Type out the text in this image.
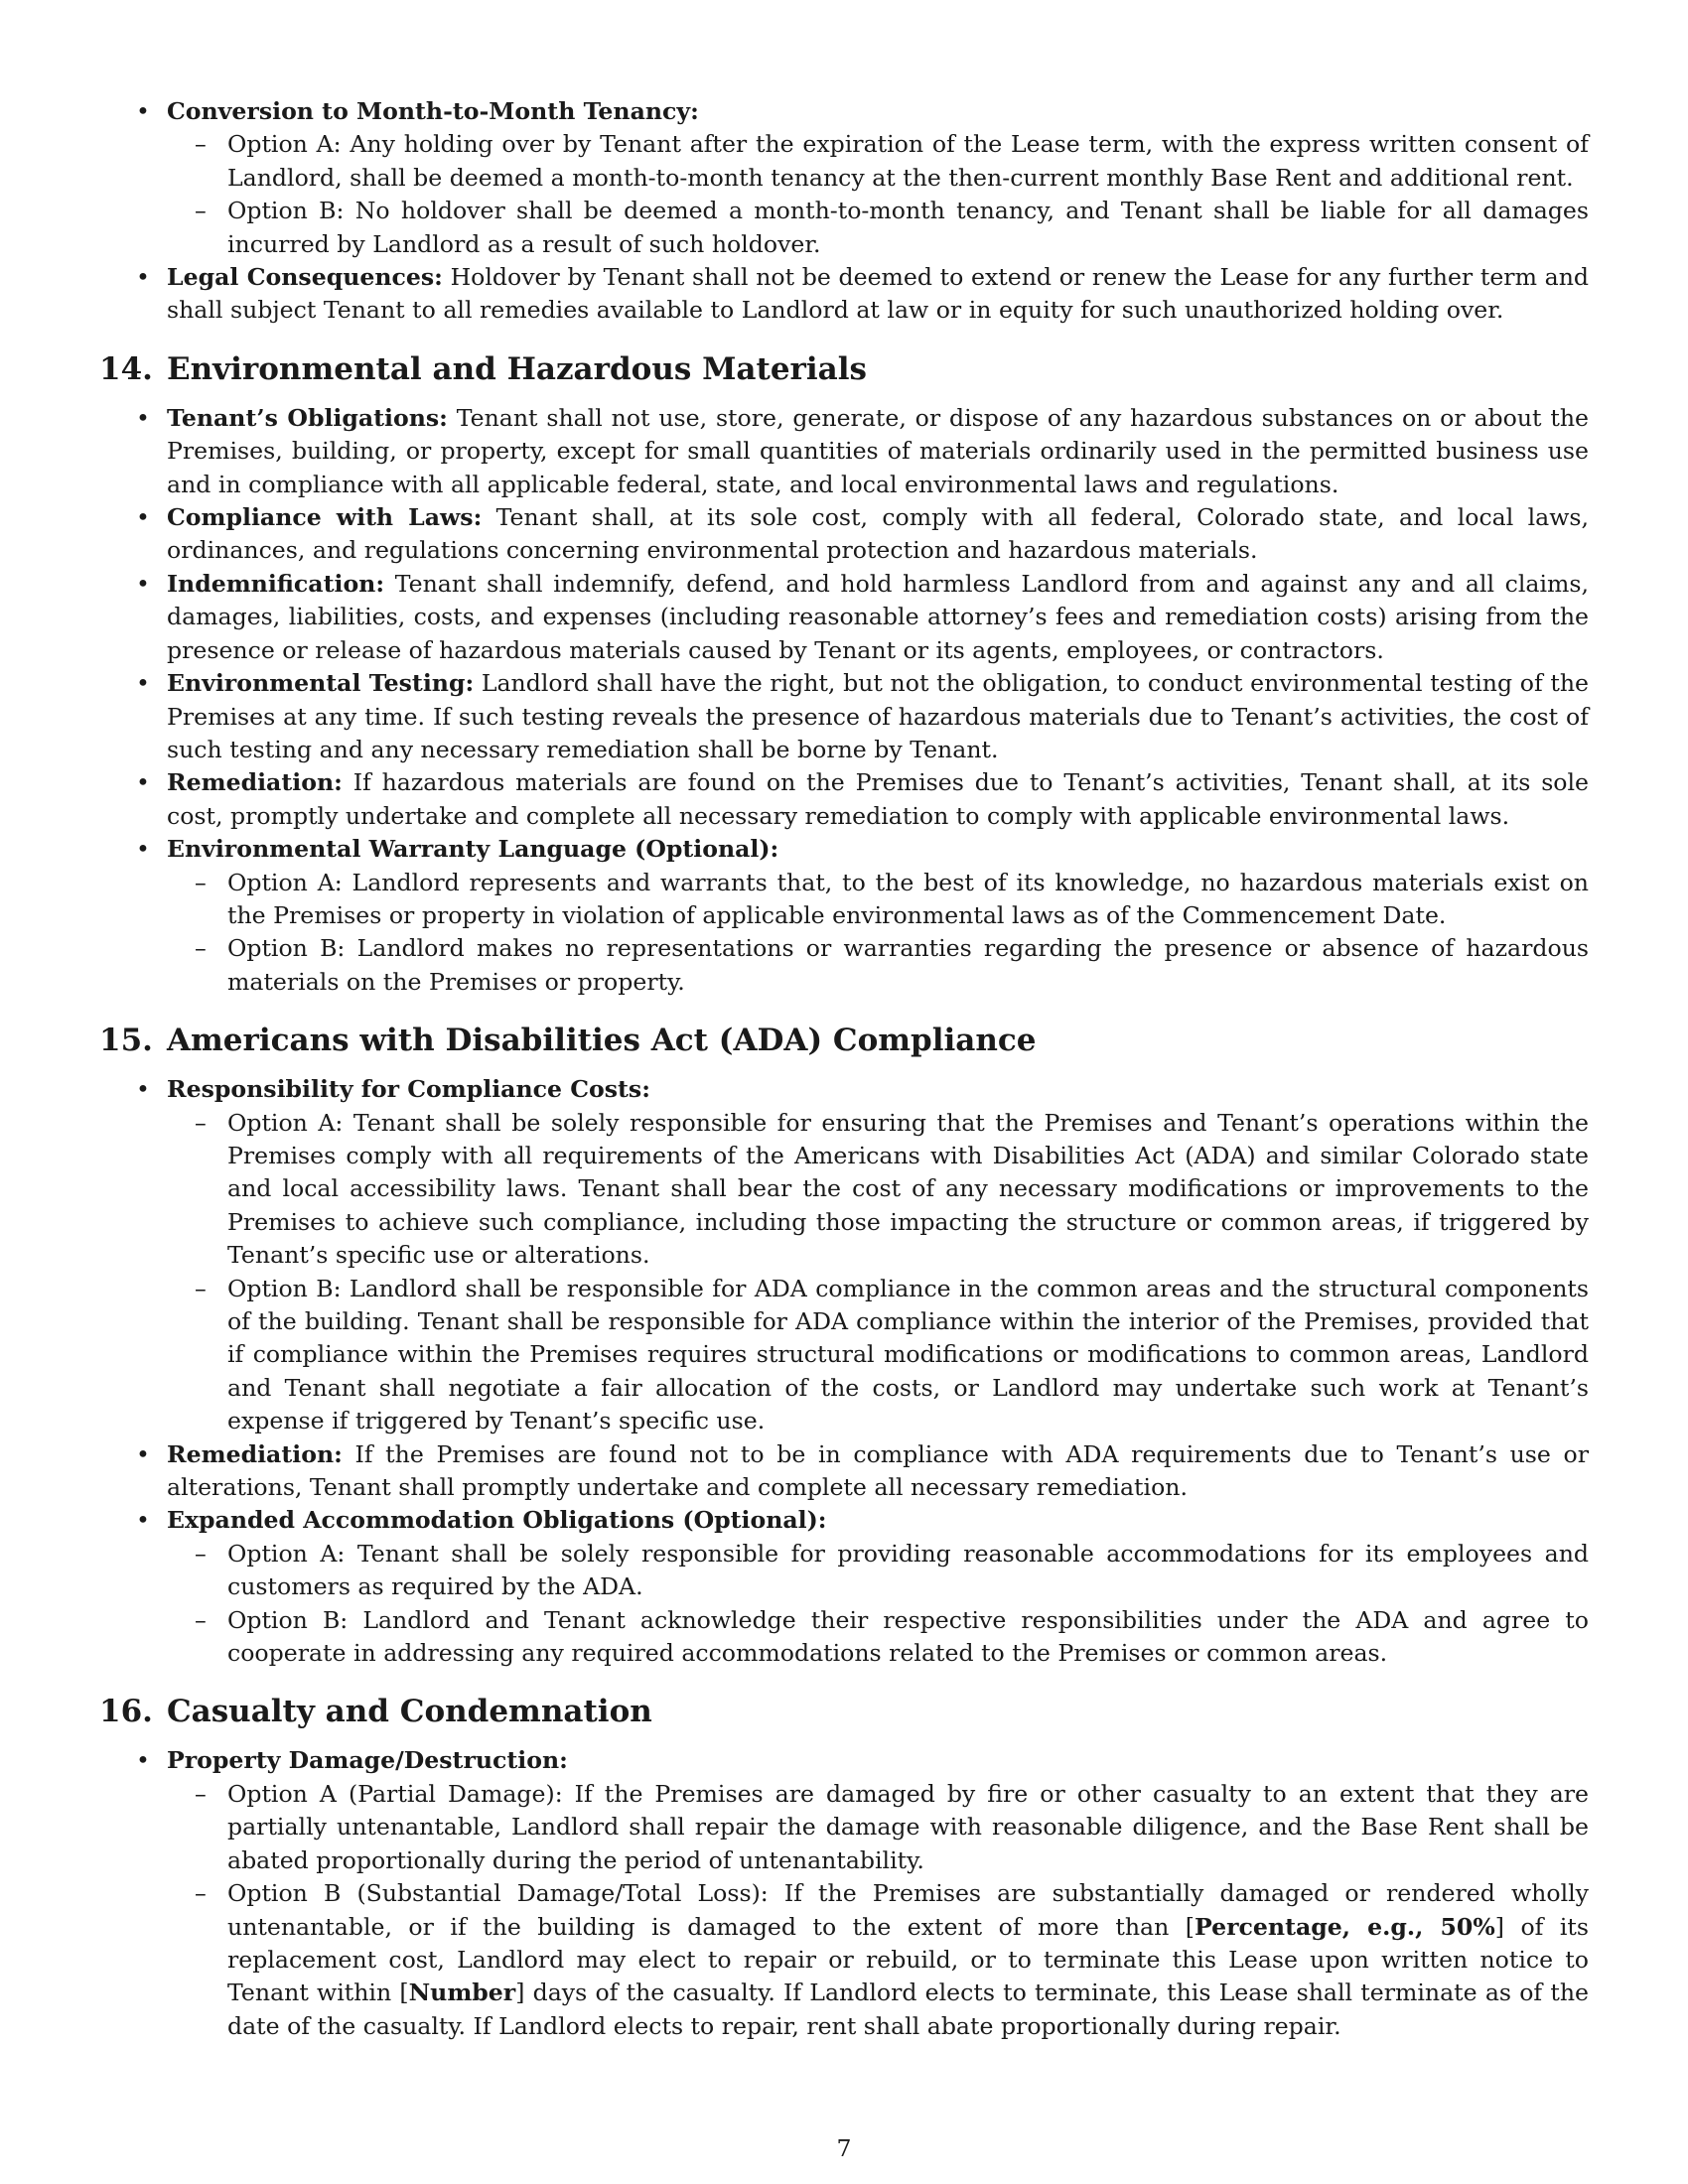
• Conversion to Month-to-Month Tenancy:
– Option A: Any holding over by Tenant after the expiration of the Lease term, with the express written consent of Landlord, shall be deemed a month-to-month tenancy at the then-current monthly Base Rent and additional rent.
– Option B: No holdover shall be deemed a month-to-month tenancy, and Tenant shall be liable for all damages incurred by Landlord as a result of such holdover.
• Legal Consequences: Holdover by Tenant shall not be deemed to extend or renew the Lease for any further term and shall subject Tenant to all remedies available to Landlord at law or in equity for such unauthorized holding over.
14. Environmental and Hazardous Materials
• Tenant’s Obligations: Tenant shall not use, store, generate, or dispose of any hazardous substances on or about the Premises, building, or property, except for small quantities of materials ordinarily used in the permitted business use and in compliance with all applicable federal, state, and local environmental laws and regulations.
• Compliance with Laws: Tenant shall, at its sole cost, comply with all federal, Colorado state, and local laws, ordinances, and regulations concerning environmental protection and hazardous materials.
• Indemnification: Tenant shall indemnify, defend, and hold harmless Landlord from and against any and all claims, damages, liabilities, costs, and expenses (including reasonable attorney’s fees and remediation costs) arising from the presence or release of hazardous materials caused by Tenant or its agents, employees, or contractors.
• Environmental Testing: Landlord shall have the right, but not the obligation, to conduct environmental testing of the Premises at any time. If such testing reveals the presence of hazardous materials due to Tenant’s activities, the cost of such testing and any necessary remediation shall be borne by Tenant.
• Remediation: If hazardous materials are found on the Premises due to Tenant’s activities, Tenant shall, at its sole cost, promptly undertake and complete all necessary remediation to comply with applicable environmental laws.
• Environmental Warranty Language (Optional):
– Option A: Landlord represents and warrants that, to the best of its knowledge, no hazardous materials exist on the Premises or property in violation of applicable environmental laws as of the Commencement Date.
– Option B: Landlord makes no representations or warranties regarding the presence or absence of hazardous materials on the Premises or property.
15. Americans with Disabilities Act (ADA) Compliance
• Responsibility for Compliance Costs:
– Option A: Tenant shall be solely responsible for ensuring that the Premises and Tenant’s operations within the Premises comply with all requirements of the Americans with Disabilities Act (ADA) and similar Colorado state and local accessibility laws. Tenant shall bear the cost of any necessary modifications or improvements to the Premises to achieve such compliance, including those impacting the structure or common areas, if triggered by Tenant’s specific use or alterations.
– Option B: Landlord shall be responsible for ADA compliance in the common areas and the structural components of the building. Tenant shall be responsible for ADA compliance within the interior of the Premises, provided that if compliance within the Premises requires structural modifications or modifications to common areas, Landlord and Tenant shall negotiate a fair allocation of the costs, or Landlord may undertake such work at Tenant’s expense if triggered by Tenant’s specific use.
• Remediation: If the Premises are found not to be in compliance with ADA requirements due to Tenant’s use or alterations, Tenant shall promptly undertake and complete all necessary remediation.
• Expanded Accommodation Obligations (Optional):
– Option A: Tenant shall be solely responsible for providing reasonable accommodations for its employees and customers as required by the ADA.
– Option B: Landlord and Tenant acknowledge their respective responsibilities under the ADA and agree to cooperate in addressing any required accommodations related to the Premises or common areas.
16. Casualty and Condemnation
• Property Damage/Destruction:
– Option A (Partial Damage): If the Premises are damaged by fire or other casualty to an extent that they are partially untenantable, Landlord shall repair the damage with reasonable diligence, and the Base Rent shall be abated proportionally during the period of untenantability.
– Option B (Substantial Damage/Total Loss): If the Premises are substantially damaged or rendered wholly untenantable, or if the building is damaged to the extent of more than [Percentage, e.g., 50%] of its replacement cost, Landlord may elect to repair or rebuild, or to terminate this Lease upon written notice to Tenant within [Number] days of the casualty. If Landlord elects to terminate, this Lease shall terminate as of the date of the casualty. If Landlord elects to repair, rent shall abate proportionally during repair.
7
